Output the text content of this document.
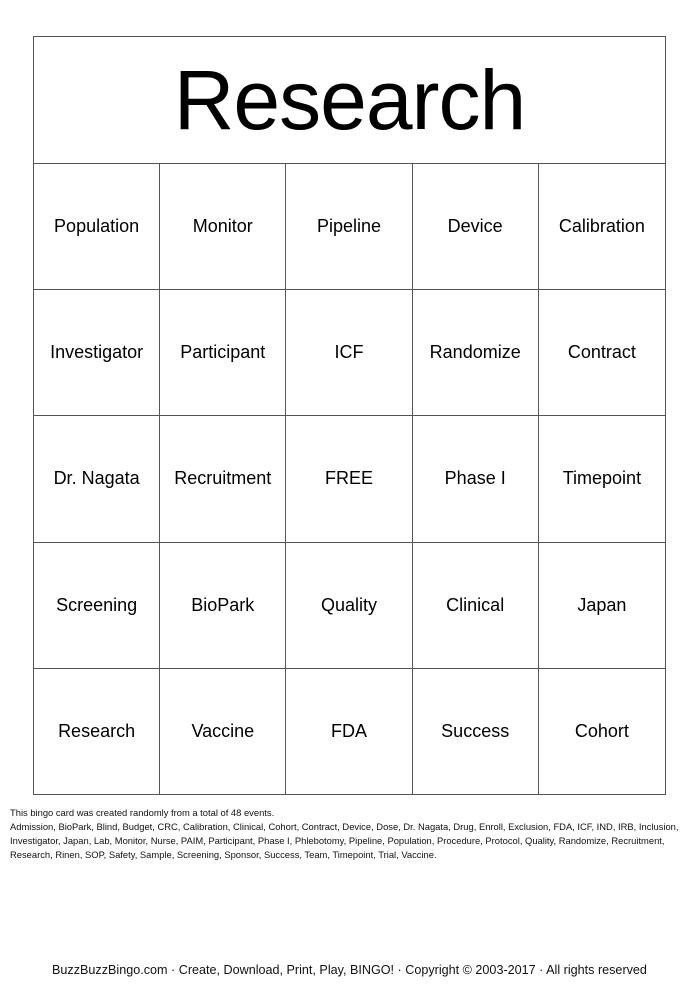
Research
Population	Monitor	Pipeline	Device	Calibration
Investigator	Participant	ICF	Randomize	Contract
Dr. Nagata	Recruitment	FREE	Phase I	Timepoint
Screening	BioPark	Quality	Clinical	Japan
Research	Vaccine	FDA	Success	Cohort
This bingo card was created randomly from a total of 48 events.
Admission, BioPark, Blind, Budget, CRC, Calibration, Clinical, Cohort, Contract, Device, Dose, Dr. Nagata, Drug, Enroll, Exclusion, FDA, ICF, IND, IRB, Inclusion, Investigator, Japan, Lab, Monitor, Nurse, PAIM, Participant, Phase I, Phlebotomy, Pipeline, Population, Procedure, Protocol, Quality, Randomize, Recruitment, Research, Rinen, SOP, Safety, Sample, Screening, Sponsor, Success, Team, Timepoint, Trial, Vaccine.
BuzzBuzzBingo.com · Create, Download, Print, Play, BINGO! · Copyright © 2003-2017 · All rights reserved
